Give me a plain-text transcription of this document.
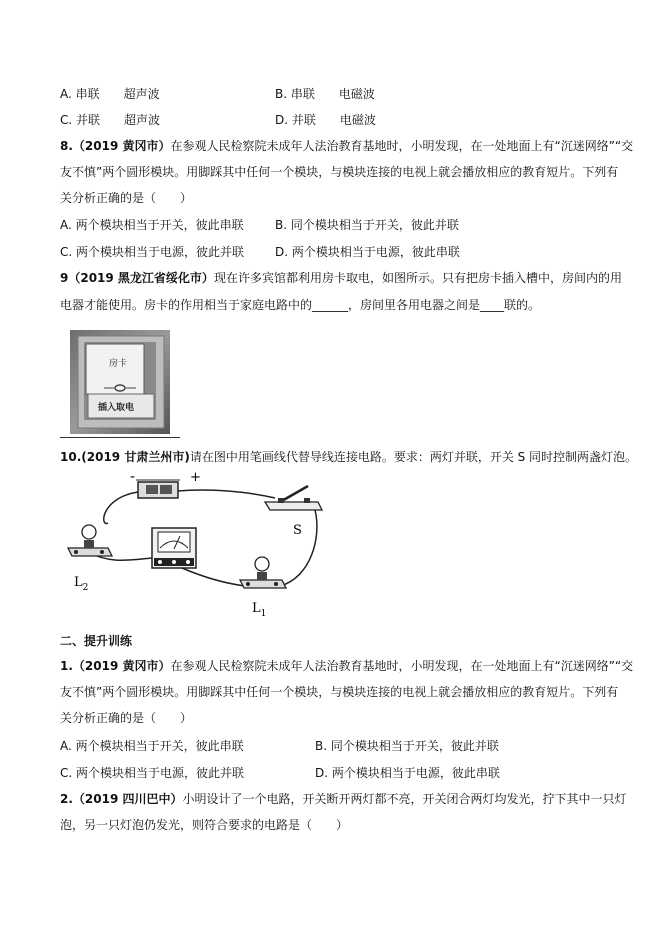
A. 串联　　超声波	B. 串联　　电磁波
C. 并联　　超声波	D. 并联　　电磁波
8.（2019 黄冈市）在参观人民检察院未成年人法治教育基地时，小明发现，在一处地面上有“沉迷网络”“交
友不慎”两个圆形模块。用脚踩其中任何一个模块，与模块连接的电视上就会播放相应的教育短片。下列有
关分析正确的是（　　）
A. 两个模块相当于开关，彼此串联	B. 同个模块相当于开关，彼此并联
C. 两个模块相当于电源，彼此并联	D. 两个模块相当于电源，彼此串联
9（2019 黑龙江省绥化市）现在许多宾馆都利用房卡取电，如图所示。只有把房卡插入槽中，房间内的用
电器才能使用。房卡的作用相当于家庭电路中的______，房间里各用电器之间是____联的。
房卡
插入取电
10.(2019 甘肃兰州市)请在图中用笔画线代替导线连接电路。要求：两灯并联，开关 S 同时控制两盏灯泡。
-	+
S
$L_2$
$L_1$
二、提升训练
1.（2019 黄冈市）在参观人民检察院未成年人法治教育基地时，小明发现，在一处地面上有“沉迷网络”“交
友不慎”两个圆形模块。用脚踩其中任何一个模块，与模块连接的电视上就会播放相应的教育短片。下列有
关分析正确的是（　　）
A. 两个模块相当于开关，彼此串联	B. 同个模块相当于开关，彼此并联
C. 两个模块相当于电源，彼此并联	D. 两个模块相当于电源，彼此串联
2.（2019 四川巴中）小明设计了一个电路，开关断开两灯都不亮，开关闭合两灯均发光，拧下其中一只灯
泡，另一只灯泡仍发光，则符合要求的电路是（　　）
